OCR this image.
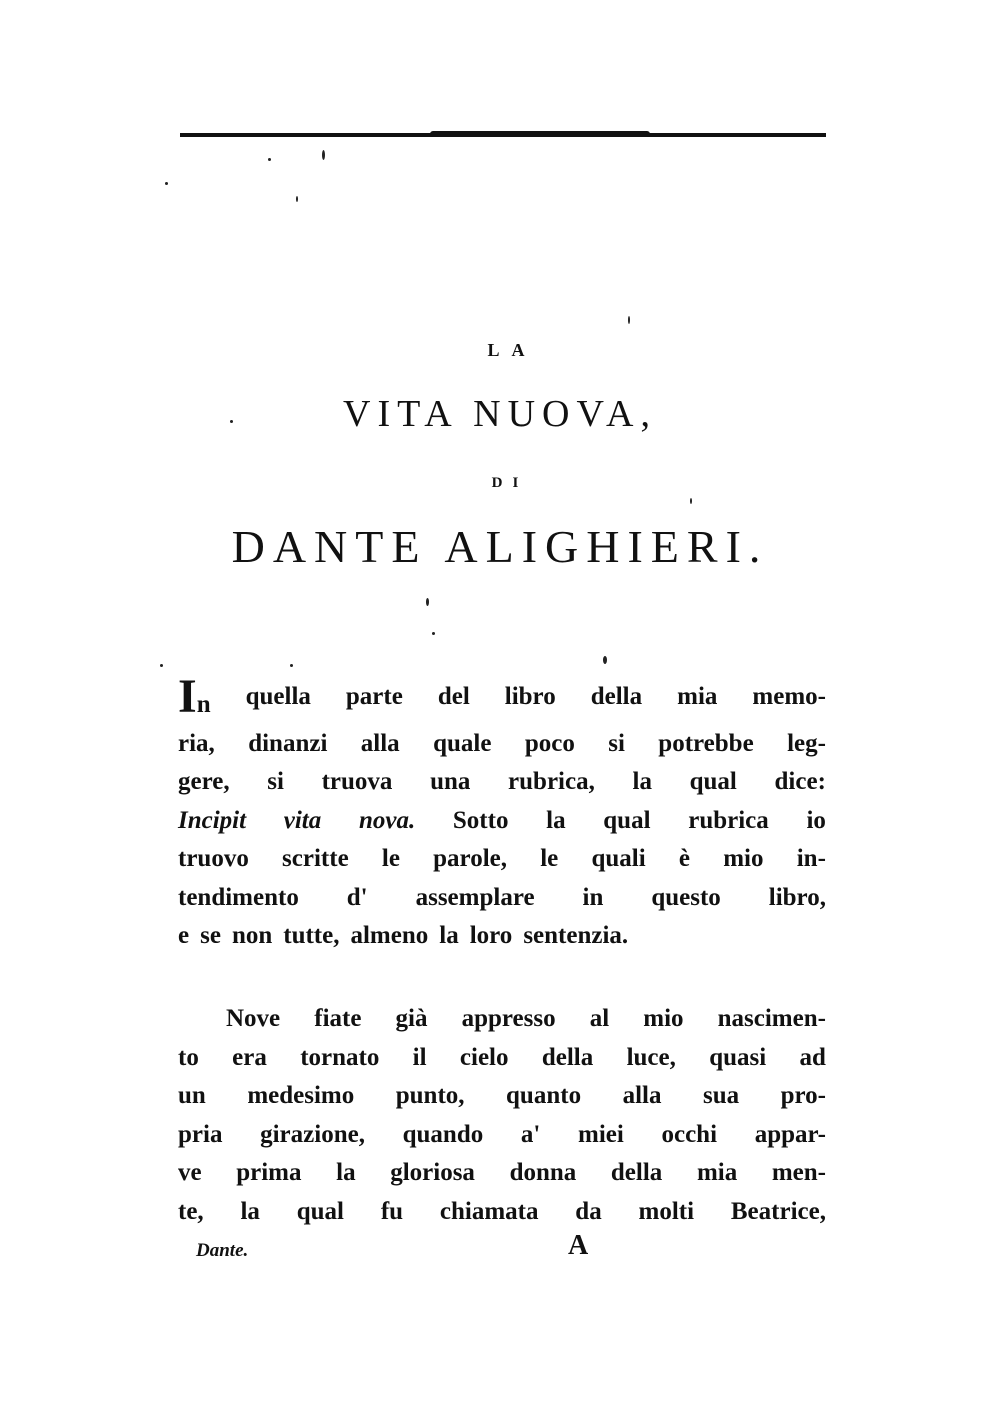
LA
VITA NUOVA,
DI
DANTE ALIGHIERI.
In quella parte del libro della mia memo-
ria, dinanzi alla quale poco si potrebbe leg-
gere, si truova una rubrica, la qual dice:
Incipit vita nova. Sotto la qual rubrica io
truovo scritte le parole, le quali è mio in-
tendimento d' assemplare in questo libro,
e se non tutte, almeno la loro sentenzia.
Nove fiate già appresso al mio nascimen-
to era tornato il cielo della luce, quasi ad
un medesimo punto, quanto alla sua pro-
pria girazione, quando a' miei occhi appar-
ve prima la gloriosa donna della mia men-
te, la qual fu chiamata da molti Beatrice,
Dante.	A
